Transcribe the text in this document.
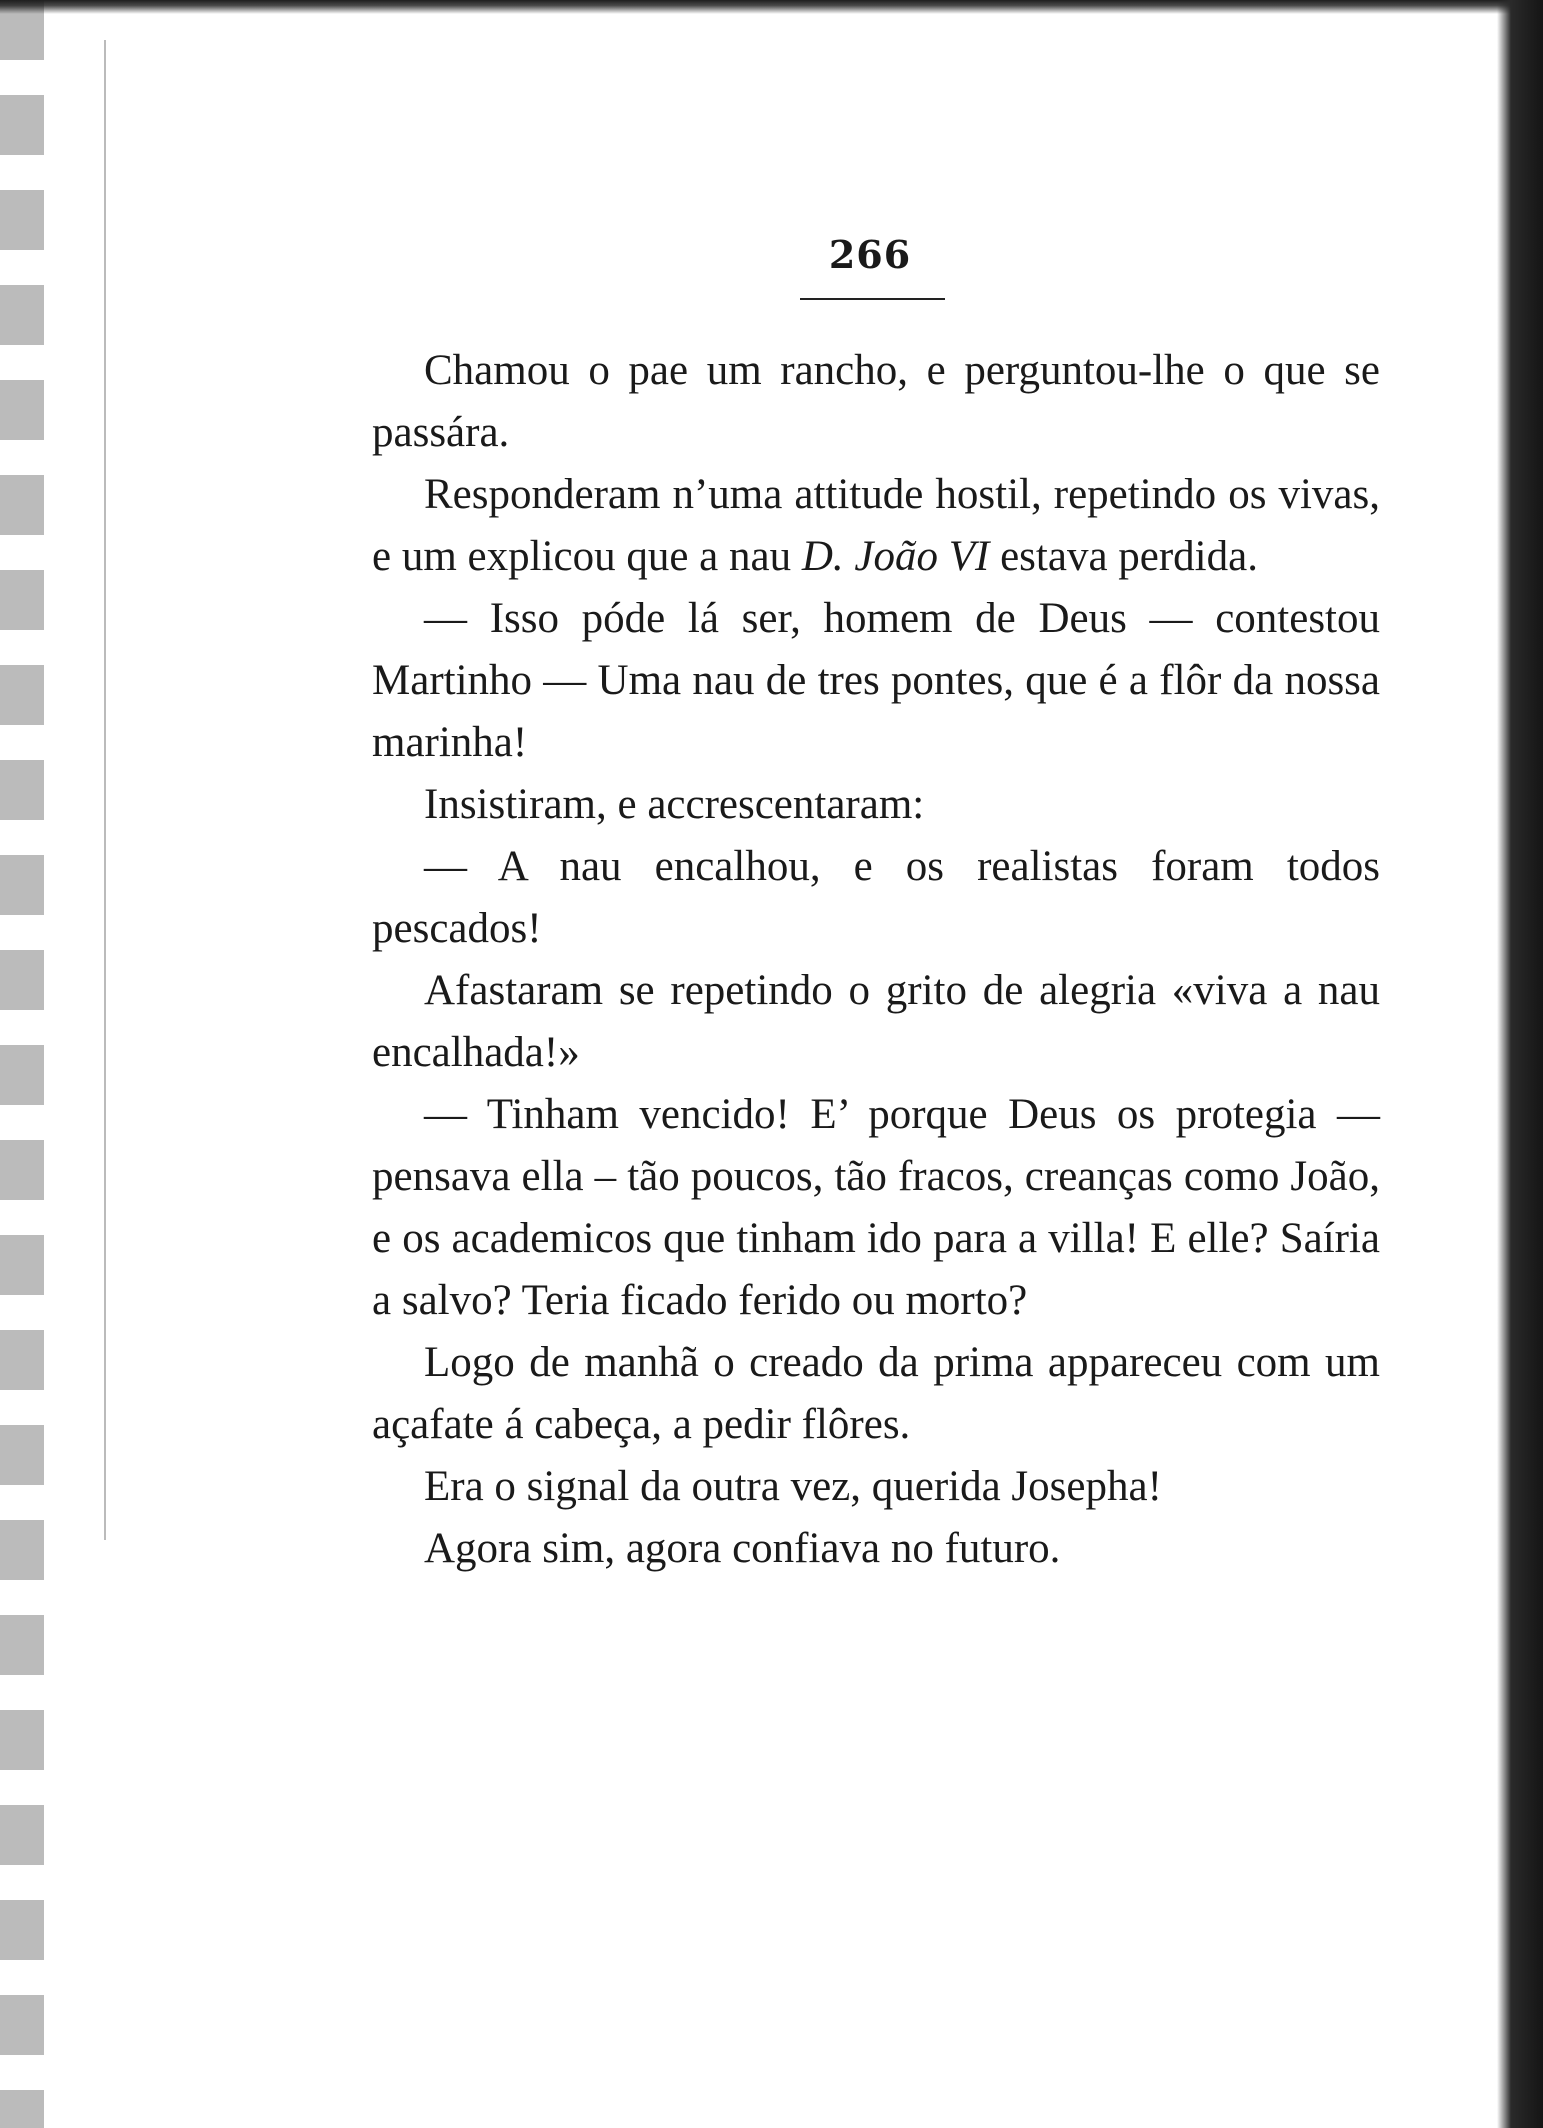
266

Chamou o pae um rancho, e perguntou-lhe o que se passára.

Responderam n’uma attitude hostil, repetindo os vivas, e um explicou que a nau D. João VI estava perdida.

— Isso póde lá ser, homem de Deus — contestou Martinho — Uma nau de tres pontes, que é a flôr da nossa marinha!

Insistiram, e accrescentaram:

— A nau encalhou, e os realistas foram todos pescados!

Afastaram se repetindo o grito de alegria «viva a nau encalhada!»

— Tinham vencido! E’ porque Deus os protegia — pensava ella – tão poucos, tão fracos, creanças como João, e os academicos que tinham ido para a villa! E elle? Saíria a salvo? Teria ficado ferido ou morto?

Logo de manhã o creado da prima appareceu com um açafate á cabeça, a pedir flôres.

Era o signal da outra vez, querida Josepha!

Agora sim, agora confiava no futuro.
